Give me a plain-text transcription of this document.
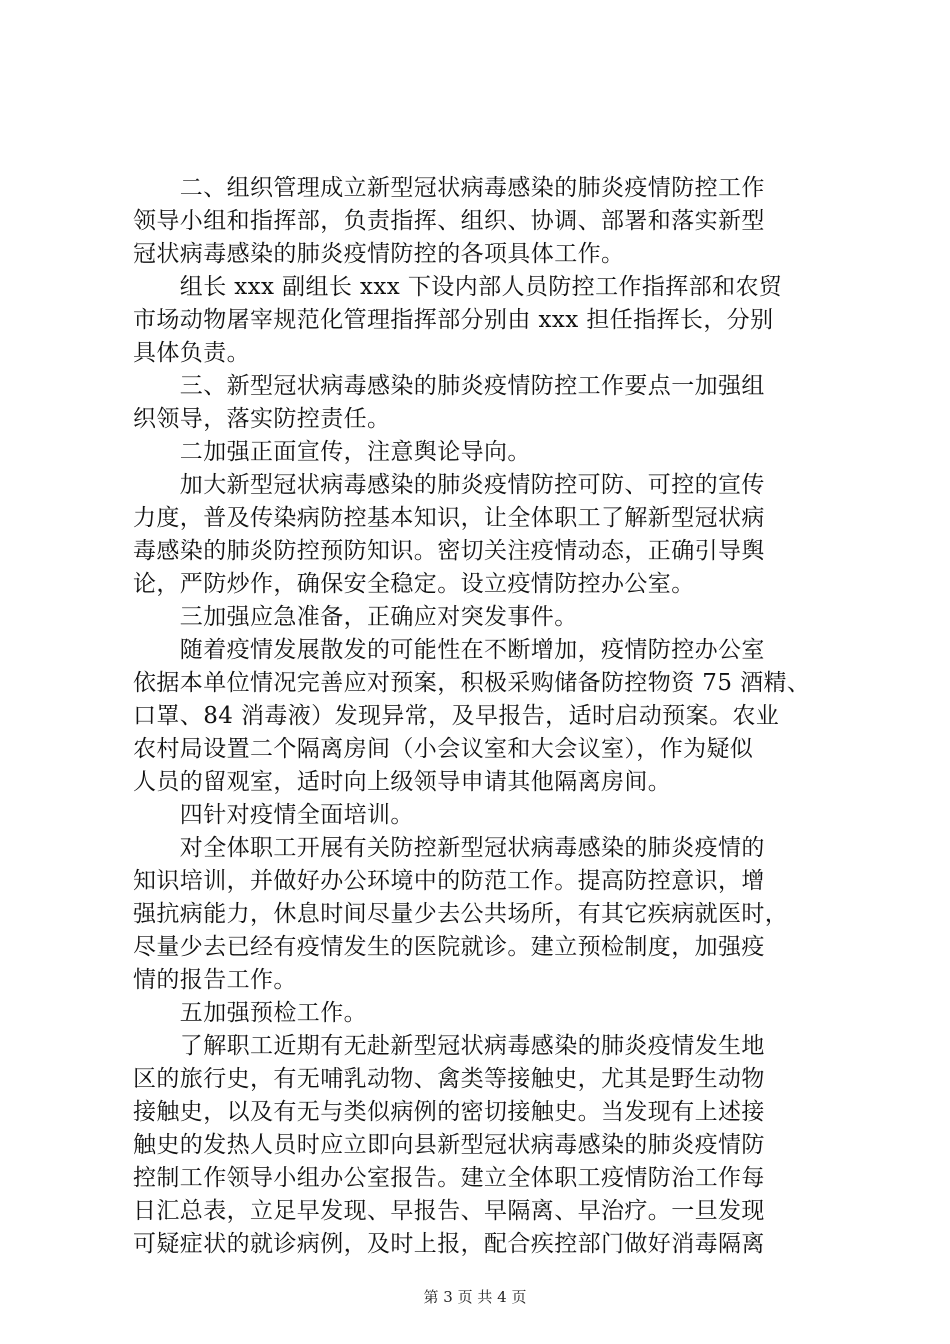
　　二、组织管理成立新型冠状病毒感染的肺炎疫情防控工作
领导小组和指挥部，负责指挥、组织、协调、部署和落实新型
冠状病毒感染的肺炎疫情防控的各项具体工作。
　　组长 xxx 副组长 xxx 下设内部人员防控工作指挥部和农贸
市场动物屠宰规范化管理指挥部分别由 xxx 担任指挥长，分别
具体负责。
　　三、新型冠状病毒感染的肺炎疫情防控工作要点一加强组
织领导，落实防控责任。
　　二加强正面宣传，注意舆论导向。
　　加大新型冠状病毒感染的肺炎疫情防控可防、可控的宣传
力度，普及传染病防控基本知识，让全体职工了解新型冠状病
毒感染的肺炎防控预防知识。密切关注疫情动态，正确引导舆
论，严防炒作，确保安全稳定。设立疫情防控办公室。
　　三加强应急准备，正确应对突发事件。
　　随着疫情发展散发的可能性在不断增加，疫情防控办公室
依据本单位情况完善应对预案，积极采购储备防控物资 75 酒精、
口罩、84 消毒液）发现异常，及早报告，适时启动预案。农业
农村局设置二个隔离房间（小会议室和大会议室），作为疑似
人员的留观室，适时向上级领导申请其他隔离房间。
　　四针对疫情全面培训。
　　对全体职工开展有关防控新型冠状病毒感染的肺炎疫情的
知识培训，并做好办公环境中的防范工作。提高防控意识，增
强抗病能力，休息时间尽量少去公共场所，有其它疾病就医时，
尽量少去已经有疫情发生的医院就诊。建立预检制度，加强疫
情的报告工作。
　　五加强预检工作。
　　了解职工近期有无赴新型冠状病毒感染的肺炎疫情发生地
区的旅行史，有无哺乳动物、禽类等接触史，尤其是野生动物
接触史，以及有无与类似病例的密切接触史。当发现有上述接
触史的发热人员时应立即向县新型冠状病毒感染的肺炎疫情防
控制工作领导小组办公室报告。建立全体职工疫情防治工作每
日汇总表，立足早发现、早报告、早隔离、早治疗。一旦发现
可疑症状的就诊病例，及时上报，配合疾控部门做好消毒隔离
第 3 页 共 4 页
